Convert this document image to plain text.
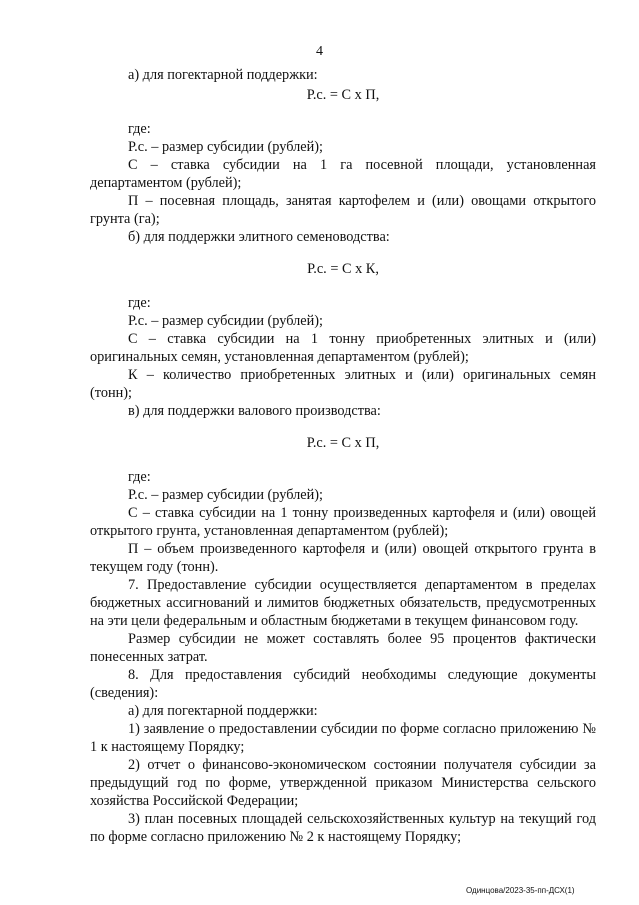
4

а) для погектарной поддержки:

Р.с. = С х П,

где:

Р.с. – размер субсидии (рублей);

С – ставка субсидии на 1 га посевной площади, установленная департаментом (рублей);

П – посевная площадь, занятая картофелем и (или) овощами открытого грунта (га);

б) для поддержки элитного семеноводства:

Р.с. = С х К,

где:

Р.с. – размер субсидии (рублей);

С – ставка субсидии на 1 тонну приобретенных элитных и (или) оригинальных семян, установленная департаментом (рублей);

К – количество приобретенных элитных и (или) оригинальных семян (тонн);

в) для поддержки валового производства:

Р.с. = С х П,

где:

Р.с. – размер субсидии (рублей);

С – ставка субсидии на 1 тонну произведенных картофеля и (или) овощей открытого грунта, установленная департаментом (рублей);

П – объем произведенного картофеля и (или) овощей открытого грунта в текущем году (тонн).

7. Предоставление субсидии осуществляется департаментом в пределах бюджетных ассигнований и лимитов бюджетных обязательств, предусмотренных на эти цели федеральным и областным бюджетами в текущем финансовом году.

Размер субсидии не может составлять более 95 процентов фактически понесенных затрат.

8. Для предоставления субсидий необходимы следующие документы (сведения):

а) для погектарной поддержки:

1) заявление о предоставлении субсидии по форме согласно приложению № 1 к настоящему Порядку;

2) отчет о финансово-экономическом состоянии получателя субсидии за предыдущий год по форме, утвержденной приказом Министерства сельского хозяйства Российской Федерации;

3) план посевных площадей сельскохозяйственных культур на текущий год по форме согласно приложению № 2 к настоящему Порядку;

Одинцова/2023-35-пп-ДСХ(1)
